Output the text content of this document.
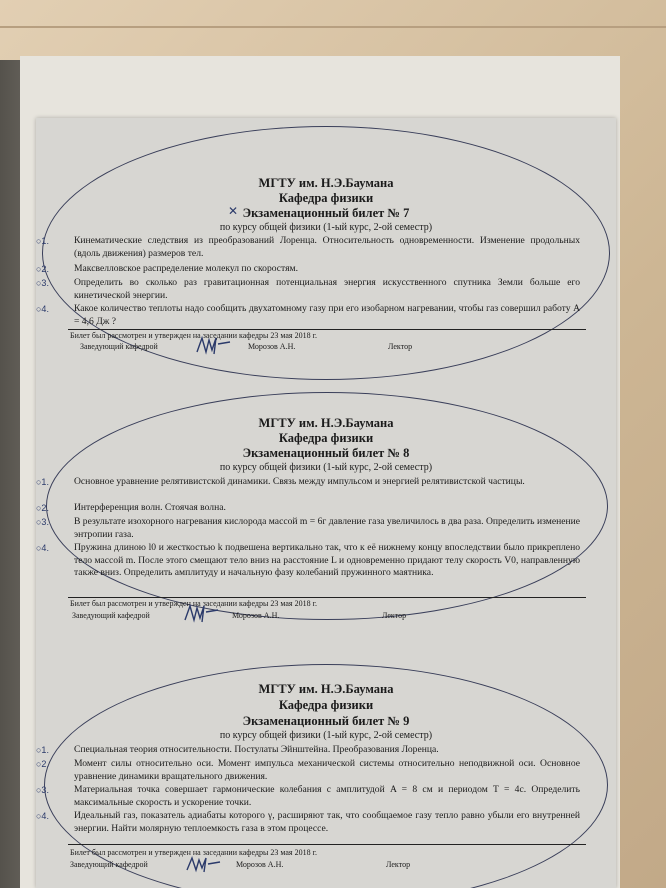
МГТУ им. Н.Э.Баумана
Кафедра физики
✕ Экзаменационный билет № 7
по курсу общей физики (1-ый курс, 2-ой семестр)
○1.	Кинематические следствия из преобразований Лоренца. Относительность одновременности. Изменение продольных (вдоль движения) размеров тел.
○2.	Максвелловское распределение молекул по скоростям.
○3.	Определить во сколько раз гравитационная потенциальная энергия искусственного спутника Земли больше его кинетической энергии.
○4.	Какое количество теплоты надо сообщить двухатомному газу при его изобарном нагревании, чтобы газ совершил работу A = 4,6 Дж ?
Билет был рассмотрен и утвержден на заседании кафедры 23 мая 2018 г.
Заведующий кафедрой	Морозов А.Н.	Лектор
МГТУ им. Н.Э.Баумана
Кафедра физики
Экзаменационный билет № 8
по курсу общей физики (1-ый курс, 2-ой семестр)
○1.	Основное уравнение релятивистской динамики. Связь между импульсом и энергией релятивистской частицы.
○2.	Интерференция волн. Стоячая волна.
○3.	В результате изохорного нагревания кислорода массой m = 6г давление газа увеличилось в два раза. Определить изменение энтропии газа.
○4.	Пружина длиною l0 и жесткостью k подвешена вертикально так, что к её нижнему концу впоследствии было прикреплено тело массой m. После этого смещают тело вниз на расстояние L и одновременно придают телу скорость V0, направленную также вниз. Определить амплитуду и начальную фазу колебаний пружинного маятника.
Билет был рассмотрен и утвержден на заседании кафедры 23 мая 2018 г.
Заведующий кафедрой	Морозов А.Н.	Лектор
МГТУ им. Н.Э.Баумана
Кафедра физики
Экзаменационный билет № 9
по курсу общей физики (1-ый курс, 2-ой семестр)
○1.	Специальная теория относительности. Постулаты Эйнштейна. Преобразования Лоренца.
○2.	Момент силы относительно оси. Момент импульса механической системы относительно неподвижной оси. Основное уравнение динамики вращательного движения.
○3.	Материальная точка совершает гармонические колебания с амплитудой A = 8 см и периодом T = 4с. Определить максимальные скорость и ускорение точки.
○4.	Идеальный газ, показатель адиабаты которого γ, расширяют так, что сообщаемое газу тепло равно убыли его внутренней энергии. Найти молярную теплоемкость газа в этом процессе.
Билет был рассмотрен и утвержден на заседании кафедры 23 мая 2018 г.
Заведующий кафедрой	Морозов А.Н.	Лектор
